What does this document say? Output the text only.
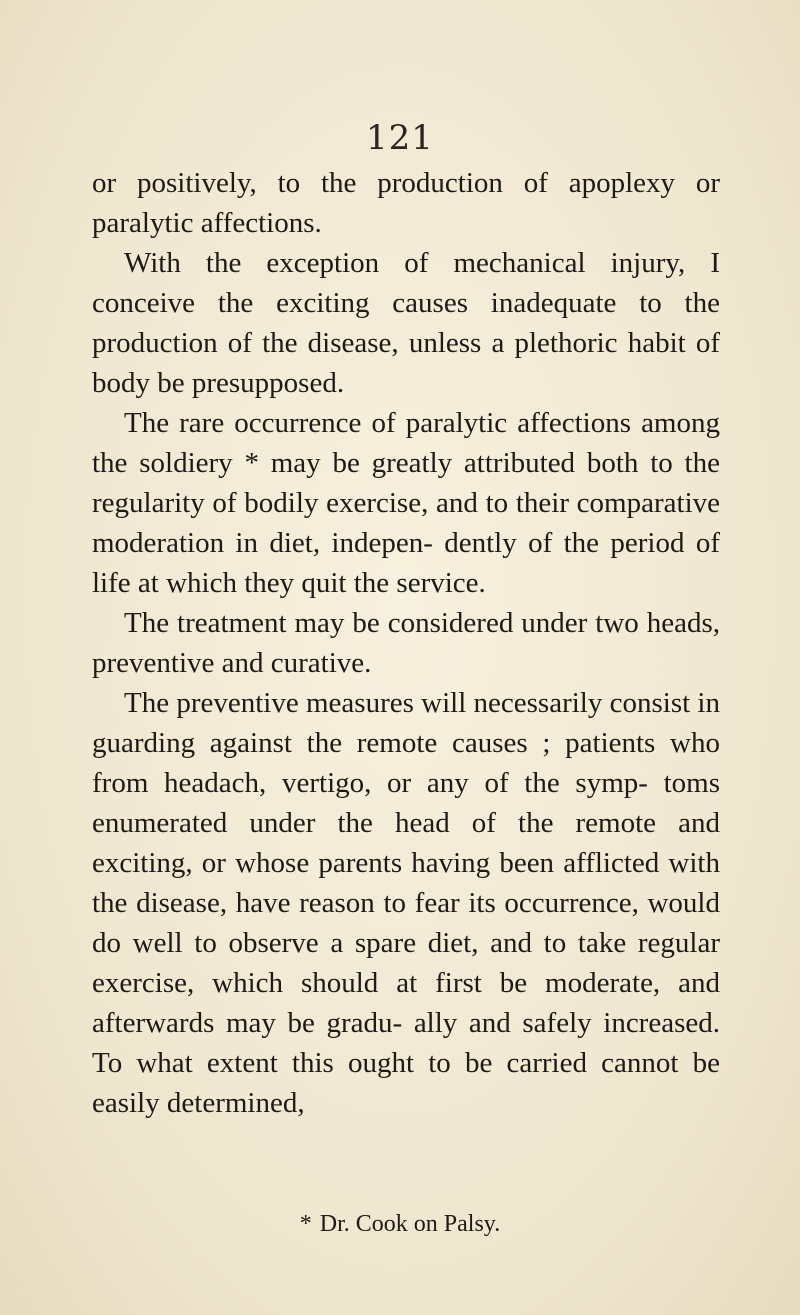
121

or positively, to the production of apoplexy or paralytic affections.

With the exception of mechanical injury, I conceive the exciting causes inadequate to the production of the disease, unless a plethoric habit of body be presupposed.

The rare occurrence of paralytic affections among the soldiery * may be greatly attributed both to the regularity of bodily exercise, and to their comparative moderation in diet, indepen- dently of the period of life at which they quit the service.

The treatment may be considered under two heads, preventive and curative.

The preventive measures will necessarily consist in guarding against the remote causes ; patients who from headach, vertigo, or any of the symp- toms enumerated under the head of the remote and exciting, or whose parents having been afflicted with the disease, have reason to fear its occurrence, would do well to observe a spare diet, and to take regular exercise, which should at first be moderate, and afterwards may be gradu- ally and safely increased. To what extent this ought to be carried cannot be easily determined,

* Dr. Cook on Palsy.
